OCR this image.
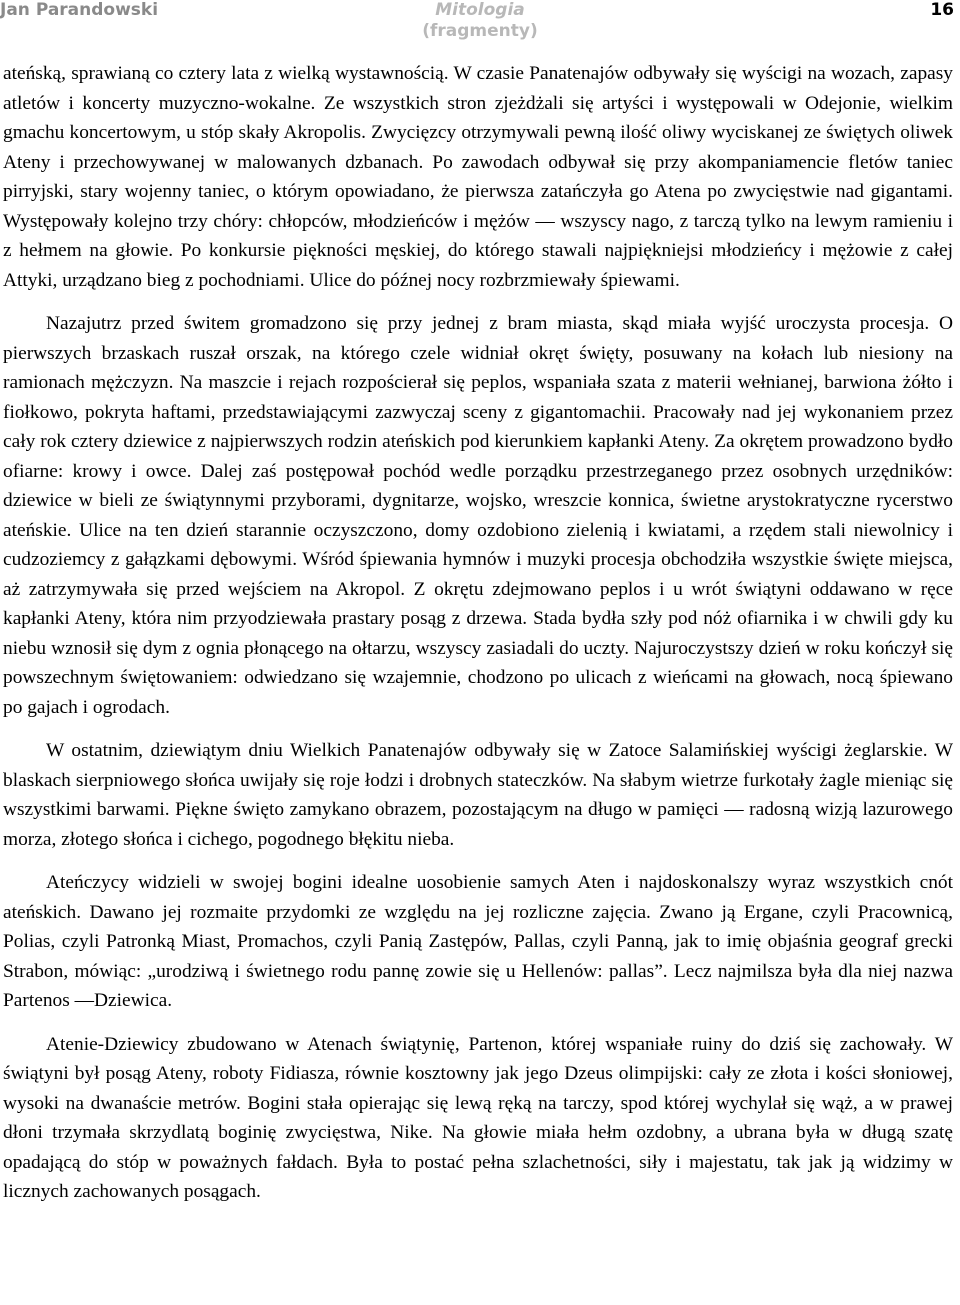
Jan Parandowski	Mitologia
(fragmenty)
16

ateńską, sprawianą co cztery lata z wielką wystawnością. W czasie Panatenajów odbywały się wyścigi na wozach, zapasy atletów i koncerty muzyczno-wokalne. Ze wszystkich stron zjeżdżali się artyści i występowali w Odejonie, wielkim gmachu koncertowym, u stóp skały Akropolis. Zwycięzcy otrzymywali pewną ilość oliwy wyciskanej ze świętych oliwek Ateny i przechowywanej w malowanych dzbanach. Po zawodach odbywał się przy akompaniamencie fletów taniec pirryjski, stary wojenny taniec, o którym opowiadano, że pierwsza zatańczyła go Atena po zwycięstwie nad gigantami. Występowały kolejno trzy chóry: chłopców, młodzieńców i mężów — wszyscy nago, z tarczą tylko na lewym ramieniu i z hełmem na głowie. Po konkursie piękności męskiej, do którego stawali najpiękniejsi młodzieńcy i mężowie z całej Attyki, urządzano bieg z pochodniami. Ulice do późnej nocy rozbrzmiewały śpiewami.

Nazajutrz przed świtem gromadzono się przy jednej z bram miasta, skąd miała wyjść uroczysta procesja. O pierwszych brzaskach ruszał orszak, na którego czele widniał okręt święty, posuwany na kołach lub niesiony na ramionach mężczyzn. Na maszcie i rejach rozpościerał się peplos, wspaniała szata z materii wełnianej, barwiona żółto i fiołkowo, pokryta haftami, przedstawiającymi zazwyczaj sceny z gigantomachii. Pracowały nad jej wykonaniem przez cały rok cztery dziewice z najpierwszych rodzin ateńskich pod kierunkiem kapłanki Ateny. Za okrętem prowadzono bydło ofiarne: krowy i owce. Dalej zaś postępował pochód wedle porządku przestrzeganego przez osobnych urzędników: dziewice w bieli ze świątynnymi przyborami, dygnitarze, wojsko, wreszcie konnica, świetne arystokratyczne rycerstwo ateńskie. Ulice na ten dzień starannie oczyszczono, domy ozdobiono zielenią i kwiatami, a rzędem stali niewolnicy i cudzoziemcy z gałązkami dębowymi. Wśród śpiewania hymnów i muzyki procesja obchodziła wszystkie święte miejsca, aż zatrzymywała się przed wejściem na Akropol. Z okrętu zdejmowano peplos i u wrót świątyni oddawano w ręce kapłanki Ateny, która nim przyodziewała prastary posąg z drzewa. Stada bydła szły pod nóż ofiarnika i w chwili gdy ku niebu wznosił się dym z ognia płonącego na ołtarzu, wszyscy zasiadali do uczty. Najuroczystszy dzień w roku kończył się powszechnym świętowaniem: odwiedzano się wzajemnie, chodzono po ulicach z wieńcami na głowach, nocą śpiewano po gajach i ogrodach.

W ostatnim, dziewiątym dniu Wielkich Panatenajów odbywały się w Zatoce Salamińskiej wyścigi żeglarskie. W blaskach sierpniowego słońca uwijały się roje łodzi i drobnych stateczków. Na słabym wietrze furkotały żagle mieniąc się wszystkimi barwami. Piękne święto zamykano obrazem, pozostającym na długo w pamięci — radosną wizją lazurowego morza, złotego słońca i cichego, pogodnego błękitu nieba.

Ateńczycy widzieli w swojej bogini idealne uosobienie samych Aten i najdoskonalszy wyraz wszystkich cnót ateńskich. Dawano jej rozmaite przydomki ze względu na jej rozliczne zajęcia. Zwano ją Ergane, czyli Pracownicą, Polias, czyli Patronką Miast, Promachos, czyli Panią Zastępów, Pallas, czyli Panną, jak to imię objaśnia geograf grecki Strabon, mówiąc: „urodziwą i świetnego rodu pannę zowie się u Hellenów: pallas”. Lecz najmilsza była dla niej nazwa Partenos —Dziewica.

Atenie-Dziewicy zbudowano w Atenach świątynię, Partenon, której wspaniałe ruiny do dziś się zachowały. W świątyni był posąg Ateny, roboty Fidiasza, równie kosztowny jak jego Dzeus olimpijski: cały ze złota i kości słoniowej, wysoki na dwanaście metrów. Bogini stała opierając się lewą ręką na tarczy, spod której wychylał się wąż, a w prawej dłoni trzymała skrzydlatą boginię zwycięstwa, Nike. Na głowie miała hełm ozdobny, a ubrana była w długą szatę opadającą do stóp w poważnych fałdach. Była to postać pełna szlachetności, siły i majestatu, tak jak ją widzimy w licznych zachowanych posągach.
